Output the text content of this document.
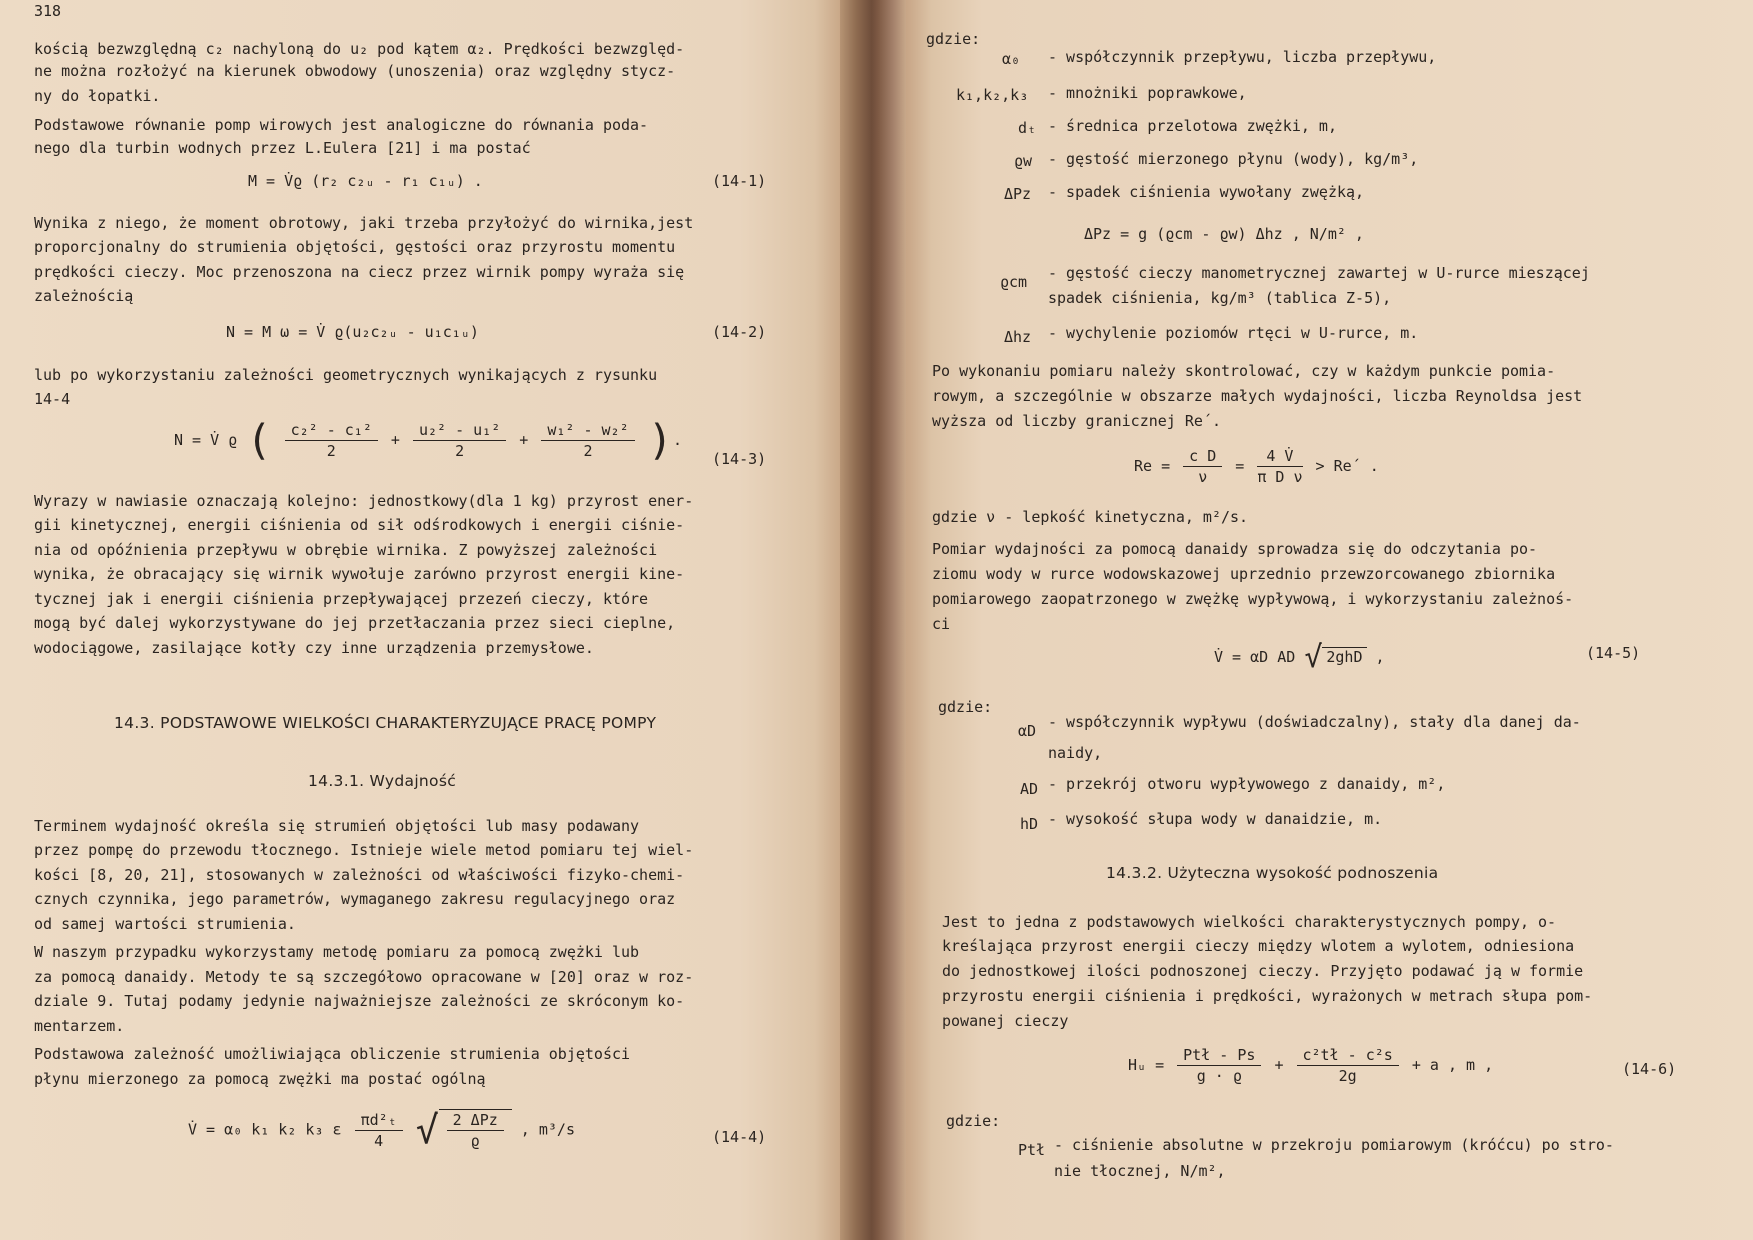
318
kością bezwzględną c₂ nachyloną do u₂ pod kątem α₂. Prędkości bezwzględ-
ne można rozłożyć na kierunek obwodowy (unoszenia) oraz względny stycz-
ny do łopatki.
Podstawowe równanie pomp wirowych jest analogiczne do równania poda-
nego dla turbin wodnych przez L.Eulera [21] i ma postać
M = V̇ϱ (r₂ c₂ᵤ - r₁ c₁ᵤ) .	(14-1)
Wynika z niego, że moment obrotowy, jaki trzeba przyłożyć do wirnika,jest
proporcjonalny do strumienia objętości, gęstości oraz przyrostu momentu
prędkości cieczy. Moc przenoszona na ciecz przez wirnik pompy wyraża się
zależnością
N = M ω = V̇ ϱ(u₂c₂ᵤ - u₁c₁ᵤ)	(14-2)
lub po wykorzystaniu zależności geometrycznych wynikających z rysunku
14-4
N = V̇ ϱ ( $\frac{\text{c₂² - c₁²}}{2} + \frac{\text{u₂² - u₁²}}{2} + \frac{\text{w₁² - w₂²}}{2}$ ).
(14-3)
Wyrazy w nawiasie oznaczają kolejno: jednostkowy(dla 1 kg) przyrost ener-
gii kinetycznej, energii ciśnienia od sił odśrodkowych i energii ciśnie-
nia od opóźnienia przepływu w obrębie wirnika. Z powyższej zależności
wynika, że obracający się wirnik wywołuje zarówno przyrost energii kine-
tycznej jak i energii ciśnienia przepływającej przezeń cieczy, które
mogą być dalej wykorzystywane do jej przetłaczania przez sieci cieplne,
wodociągowe, zasilające kotły czy inne urządzenia przemysłowe.
14.3. PODSTAWOWE WIELKOŚCI CHARAKTERYZUJĄCE PRACĘ POMPY
14.3.1. Wydajność
Terminem wydajność określa się strumień objętości lub masy podawany
przez pompę do przewodu tłocznego. Istnieje wiele metod pomiaru tej wiel-
kości [8, 20, 21], stosowanych w zależności od właściwości fizyko-chemi-
cznych czynnika, jego parametrów, wymaganego zakresu regulacyjnego oraz
od samej wartości strumienia.
W naszym przypadku wykorzystamy metodę pomiaru za pomocą zwężki lub
za pomocą danaidy. Metody te są szczegółowo opracowane w [20] oraz w roz-
dziale 9. Tutaj podamy jedynie najważniejsze zależności ze skróconym ko-
mentarzem.
Podstawowa zależność umożliwiająca obliczenie strumienia objętości
płynu mierzonego za pomocą zwężki ma postać ogólną
V̇ = α₀ k₁ k₂ k₃ ε $\frac{\text{πd²ₜ}}{4}$ √ $\frac{\text{2 ΔPz}}{ϱ}$ , m³/s	(14-4)
gdzie:
α₀ - współczynnik przepływu, liczba przepływu,
k₁,k₂,k₃ - mnożniki poprawkowe,
dₜ - średnica przelotowa zwężki, m,
ϱw - gęstość mierzonego płynu (wody), kg/m³,
ΔPz - spadek ciśnienia wywołany zwężką,
ΔPz = g (ϱcm - ϱw) Δhz , N/m² ,
ϱcm - gęstość cieczy manometrycznej zawartej w U-rurce mieszącej
spadek ciśnienia, kg/m³ (tablica Z-5),
Δhz - wychylenie poziomów rtęci w U-rurce, m.
Po wykonaniu pomiaru należy skontrolować, czy w każdym punkcie pomia-
rowym, a szczególnie w obszarze małych wydajności, liczba Reynoldsa jest
wyższa od liczby granicznej Re´.
$Re = \frac{\text{c D}}{\nu} = \frac{4 V̇}{\text{π D ν}}$ > Re´ .
gdzie ν - lepkość kinetyczna, m²/s.
Pomiar wydajności za pomocą danaidy sprowadza się do odczytania po-
ziomu wody w rurce wodowskazowej uprzednio przewzorcowanego zbiornika
pomiarowego zaopatrzonego w zwężkę wypływową, i wykorzystaniu zależnoś-
ci
V̇ = αD AD √ 2ghD ,	(14-5)
gdzie:
αD - współczynnik wypływu (doświadczalny), stały dla danej da-
naidy,
AD - przekrój otworu wypływowego z danaidy, m²,
hD - wysokość słupa wody w danaidzie, m.
14.3.2. Użyteczna wysokość podnoszenia
Jest to jedna z podstawowych wielkości charakterystycznych pompy, o-
kreślająca przyrost energii cieczy między wlotem a wylotem, odniesiona
do jednostkowej ilości podnoszonej cieczy. Przyjęto podawać ją w formie
przyrostu energii ciśnienia i prędkości, wyrażonych w metrach słupa pom-
powanej cieczy
Hᵤ = $\frac{\text{Ptł - Ps}}{g \cdot ϱ} + \frac{\text{c²tł - c²s}}{2g} + a$ , m ,	(14-6)
gdzie:
Ptł - ciśnienie absolutne w przekroju pomiarowym (króćcu) po stro-
nie tłocznej, N/m²,
